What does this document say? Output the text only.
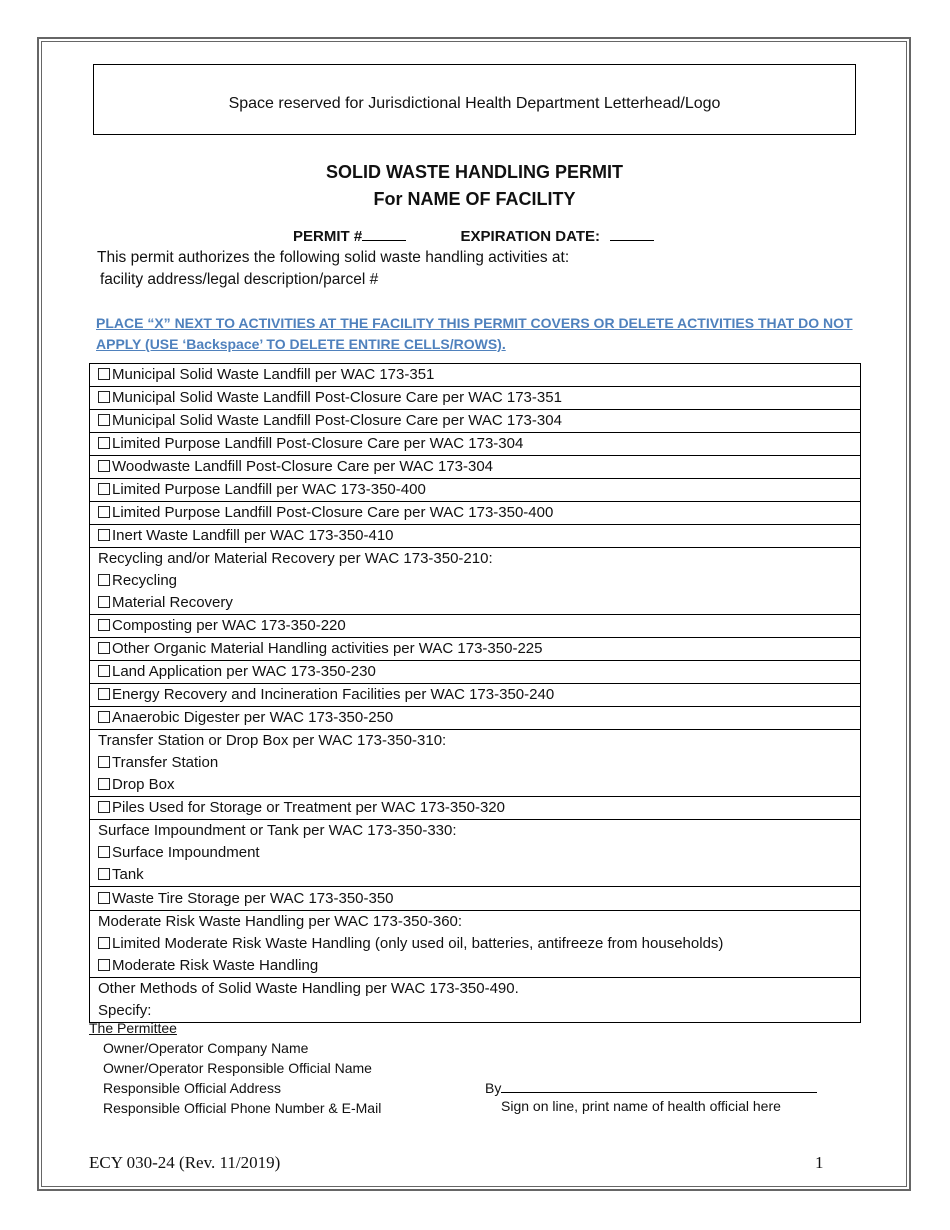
Space reserved for Jurisdictional Health Department Letterhead/Logo
SOLID WASTE HANDLING PERMIT
For NAME OF FACILITY
PERMIT #	EXPIRATION DATE:
This permit authorizes the following solid waste handling activities at:
facility address/legal description/parcel #
PLACE “X” NEXT TO ACTIVITIES AT THE FACILITY THIS PERMIT COVERS OR DELETE ACTIVITIES THAT DO NOT APPLY (USE ‘Backspace’ TO DELETE ENTIRE CELLS/ROWS).
Municipal Solid Waste Landfill per WAC 173-351
Municipal Solid Waste Landfill Post-Closure Care per WAC 173-351
Municipal Solid Waste Landfill Post-Closure Care per WAC 173-304
Limited Purpose Landfill Post-Closure Care per WAC 173-304
Woodwaste Landfill Post-Closure Care per WAC 173-304
Limited Purpose Landfill per WAC 173-350-400
Limited Purpose Landfill Post-Closure Care per WAC 173-350-400
Inert Waste Landfill per WAC 173-350-410

Recycling and/or Material Recovery per WAC 173-350-210:
Recycling
Material Recovery

Composting per WAC 173-350-220
Other Organic Material Handling activities per WAC 173-350-225
Land Application per WAC 173-350-230
Energy Recovery and Incineration Facilities per WAC 173-350-240
Anaerobic Digester per WAC 173-350-250

Transfer Station or Drop Box per WAC 173-350-310:
Transfer Station
Drop Box

Piles Used for Storage or Treatment per WAC 173-350-320

Surface Impoundment or Tank per WAC 173-350-330:
Surface Impoundment
Tank

Waste Tire Storage per WAC 173-350-350

Moderate Risk Waste Handling per WAC 173-350-360:
Limited Moderate Risk Waste Handling (only used oil, batteries, antifreeze from households)
Moderate Risk Waste Handling

Other Methods of Solid Waste Handling per WAC 173-350-490.
Specify:
The Permittee
Owner/Operator Company Name
Owner/Operator Responsible Official Name
Responsible Official Address
Responsible Official Phone Number & E-Mail
By
Sign on line, print name of health official here
ECY 030-24 (Rev. 11/2019)	1
